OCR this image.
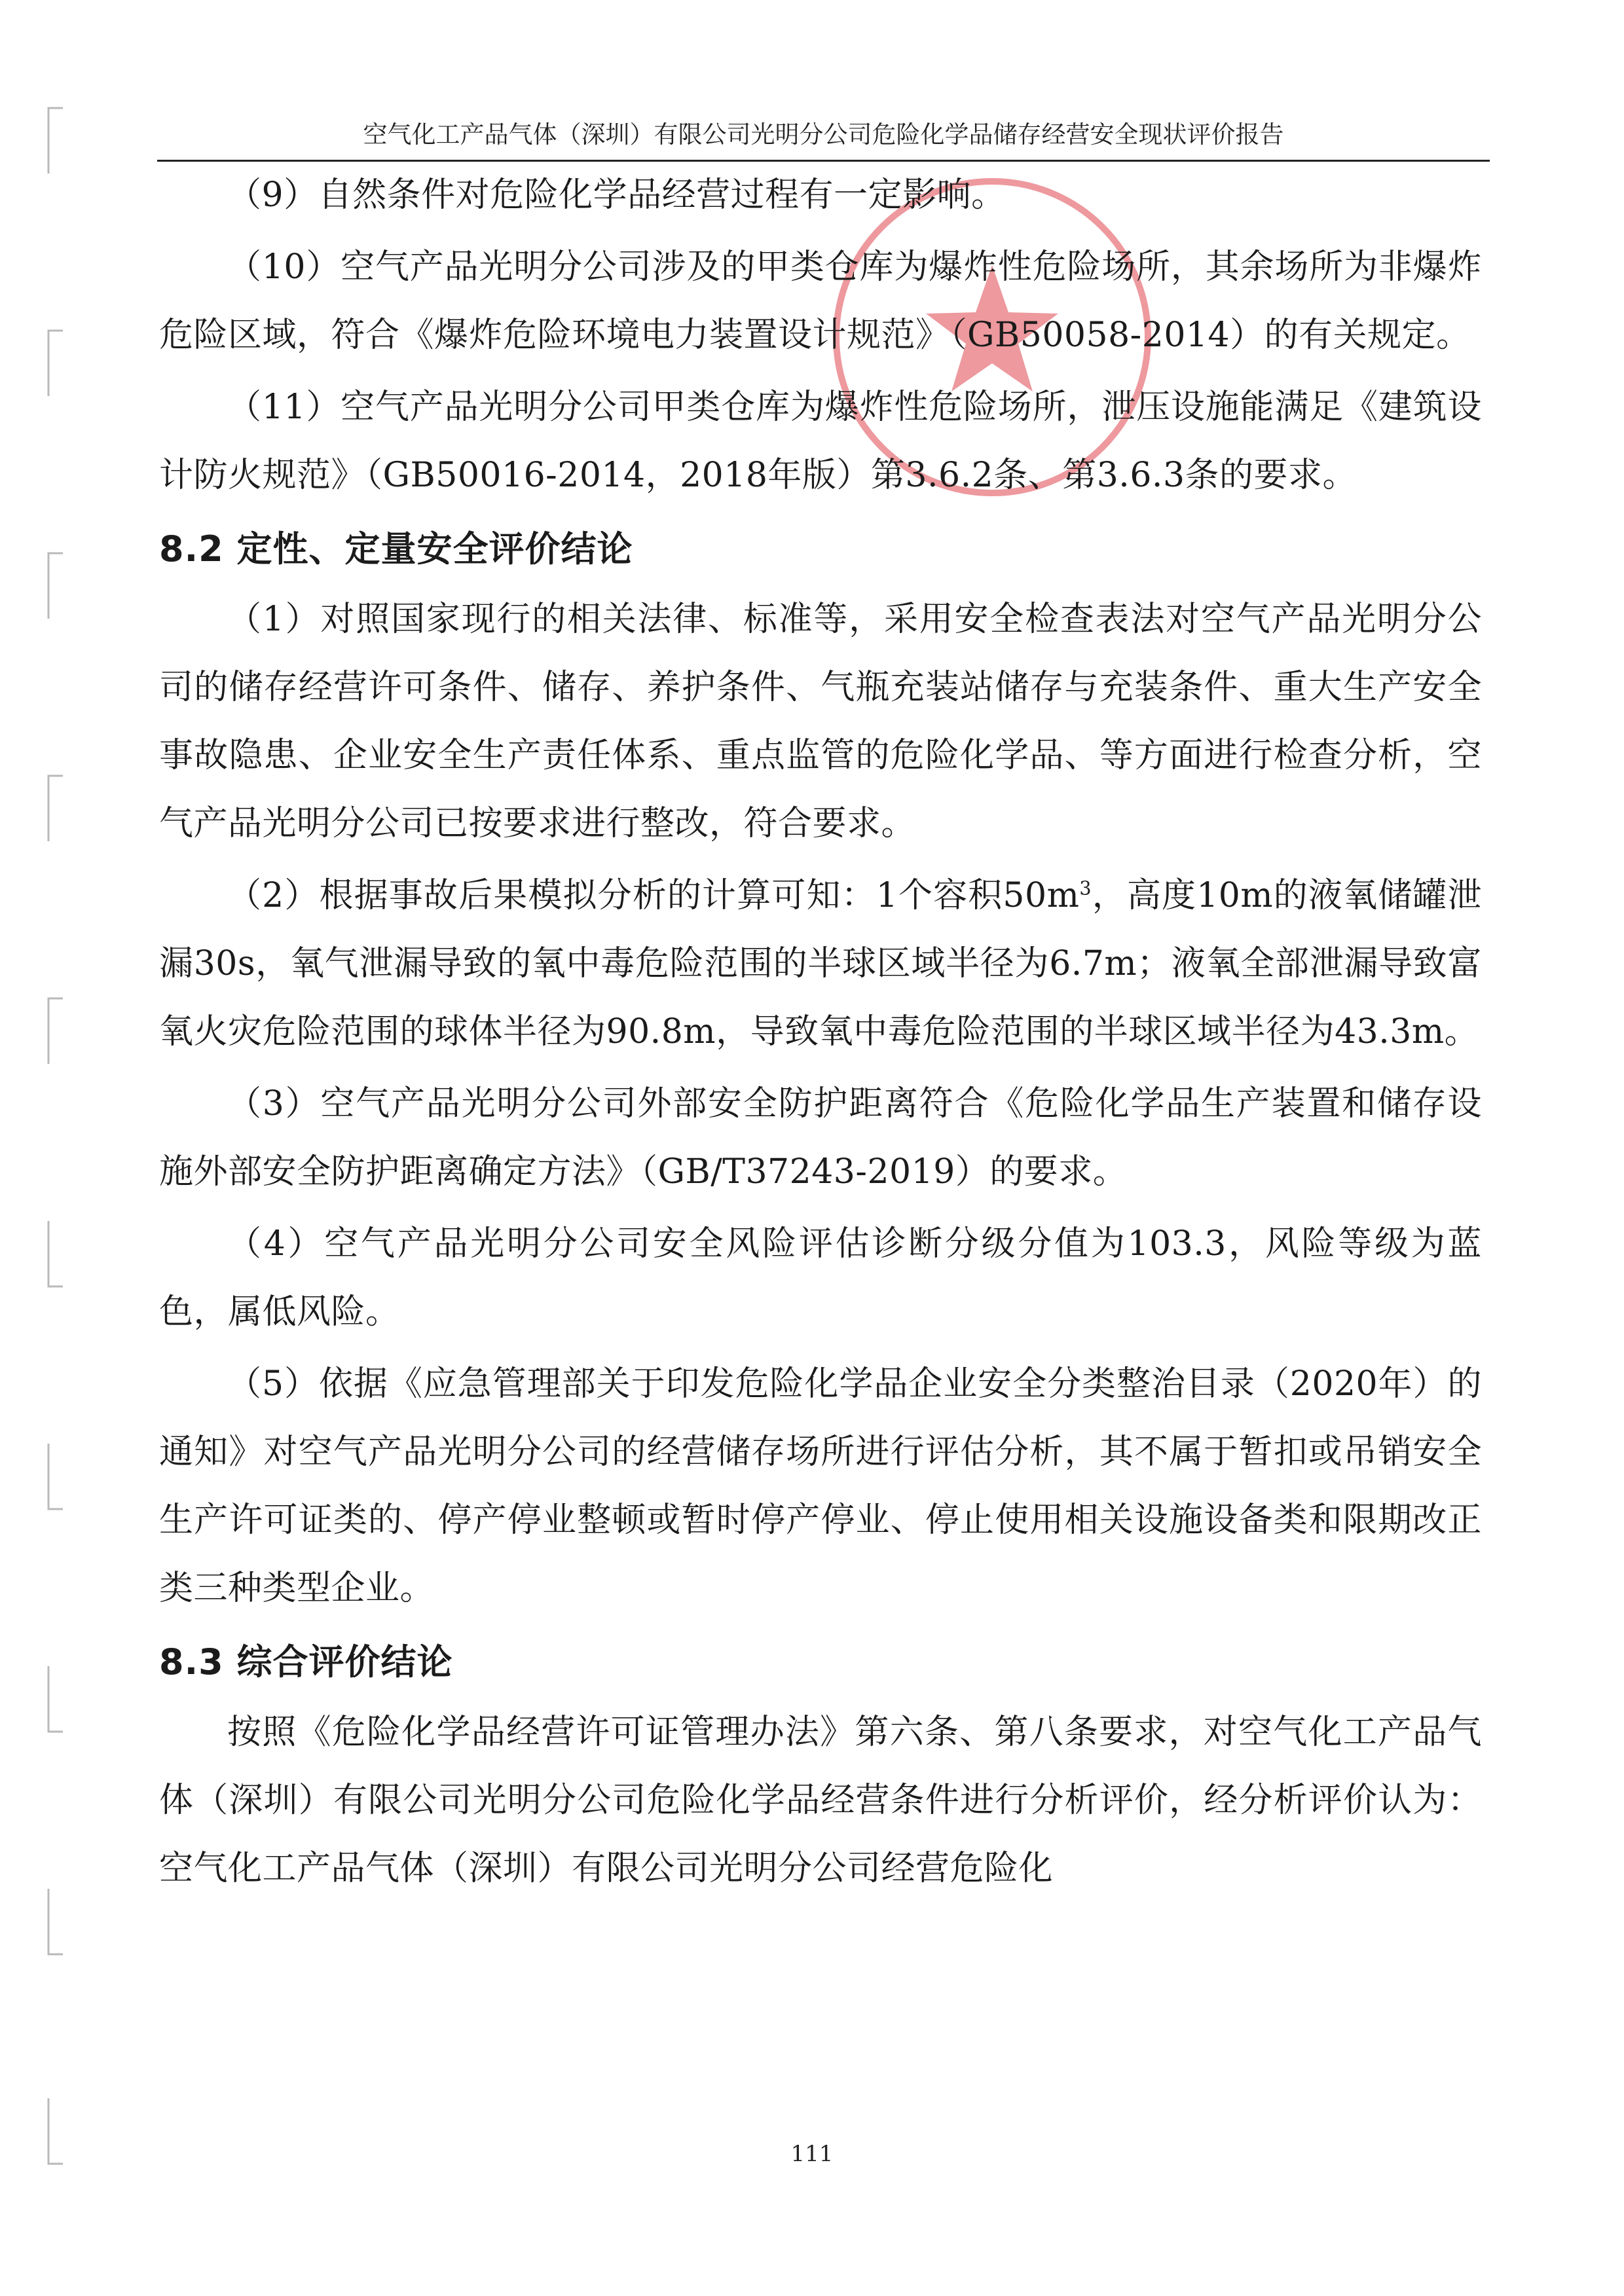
空气化工产品气体（深圳）有限公司光明分公司危险化学品储存经营安全现状评价报告

（9）自然条件对危险化学品经营过程有一定影响。

（10）空气产品光明分公司涉及的甲类仓库为爆炸性危险场所，其余场所为非爆炸危险区域，符合《爆炸危险环境电力装置设计规范》（GB50058-2014）的有关规定。

（11）空气产品光明分公司甲类仓库为爆炸性危险场所，泄压设施能满足《建筑设计防火规范》（GB50016-2014，2018年版）第3.6.2条、第3.6.3条的要求。

8.2 定性、定量安全评价结论

（1）对照国家现行的相关法律、标准等，采用安全检查表法对空气产品光明分公司的储存经营许可条件、储存、养护条件、气瓶充装站储存与充装条件、重大生产安全事故隐患、企业安全生产责任体系、重点监管的危险化学品、等方面进行检查分析，空气产品光明分公司已按要求进行整改，符合要求。

（2）根据事故后果模拟分析的计算可知：1个容积$50m^3$，高度10m的液氧储罐泄漏30s，氧气泄漏导致的氧中毒危险范围的半球区域半径为6.7m；液氧全部泄漏导致富氧火灾危险范围的球体半径为90.8m，导致氧中毒危险范围的半球区域半径为43.3m。

（3）空气产品光明分公司外部安全防护距离符合《危险化学品生产装置和储存设施外部安全防护距离确定方法》（GB/T37243-2019）的要求。

（4）空气产品光明分公司安全风险评估诊断分级分值为103.3，风险等级为蓝色，属低风险。

（5）依据《应急管理部关于印发危险化学品企业安全分类整治目录（2020年）的通知》对空气产品光明分公司的经营储存场所进行评估分析，其不属于暂扣或吊销安全生产许可证类的、停产停业整顿或暂时停产停业、停止使用相关设施设备类和限期改正类三种类型企业。

8.3 综合评价结论

按照《危险化学品经营许可证管理办法》第六条、第八条要求，对空气化工产品气体（深圳）有限公司光明分公司危险化学品经营条件进行分析评价，经分析评价认为：空气化工产品气体（深圳）有限公司光明分公司经营危险化

111
